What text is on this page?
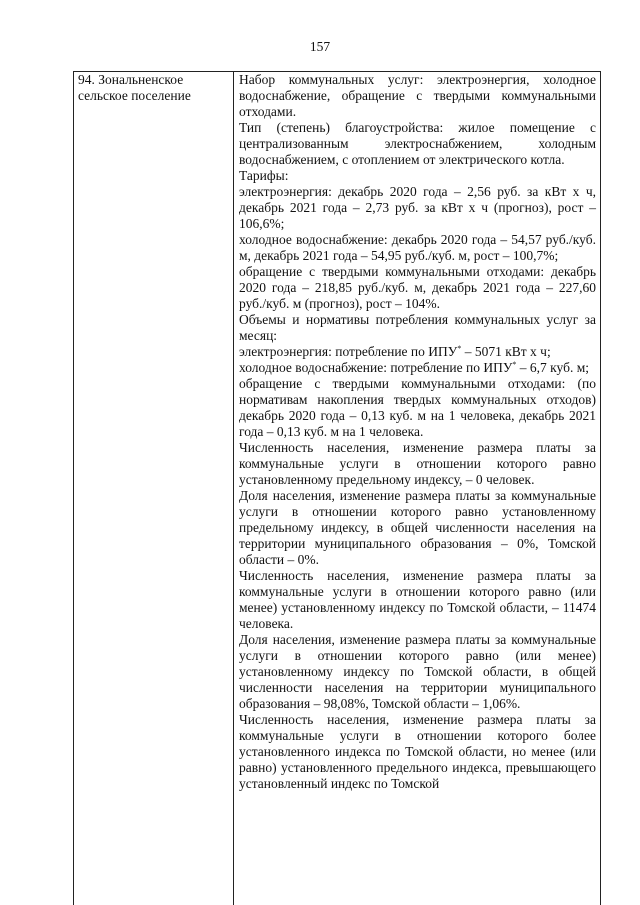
157
94. Зональненское сельское поселение

Набор коммунальных услуг: электроэнергия, холодное водоснабжение, обращение с твердыми коммунальными отходами.

Тип (степень) благоустройства: жилое помещение с централизованным электроснабжением, холодным водоснабжением, с отоплением от электрического котла.

Тарифы:

электроэнергия: декабрь 2020 года – 2,56 руб. за кВт х ч, декабрь 2021 года – 2,73 руб. за кВт х ч (прогноз), рост – 106,6%;

холодное водоснабжение: декабрь 2020 года – 54,57 руб./куб. м, декабрь 2021 года – 54,95 руб./куб. м, рост – 100,7%;

обращение с твердыми коммунальными отходами: декабрь 2020 года – 218,85 руб./куб. м, декабрь 2021 года – 227,60 руб./куб. м (прогноз), рост – 104%.

Объемы и нормативы потребления коммунальных услуг за месяц:

электроэнергия: потребление по ИПУ* – 5071 кВт х ч;

холодное водоснабжение: потребление по ИПУ* – 6,7 куб. м;

обращение с твердыми коммунальными отходами: (по нормативам накопления твердых коммунальных отходов) декабрь 2020 года – 0,13 куб. м на 1 человека, декабрь 2021 года – 0,13 куб. м на 1 человека.

Численность населения, изменение размера платы за коммунальные услуги в отношении которого равно установленному предельному индексу, – 0 человек.

Доля населения, изменение размера платы за коммунальные услуги в отношении которого равно установленному предельному индексу, в общей численности населения на территории муниципального образования – 0%, Томской области – 0%.

Численность населения, изменение размера платы за коммунальные услуги в отношении которого равно (или менее) установленному индексу по Томской области, – 11474 человека.

Доля населения, изменение размера платы за коммунальные услуги в отношении которого равно (или менее) установленному индексу по Томской области, в общей численности населения на территории муниципального образования – 98,08%, Томской области – 1,06%.

Численность населения, изменение размера платы за коммунальные услуги в отношении которого более установленного индекса по Томской области, но менее (или равно) установленного предельного индекса, превышающего установленный индекс по Томской
